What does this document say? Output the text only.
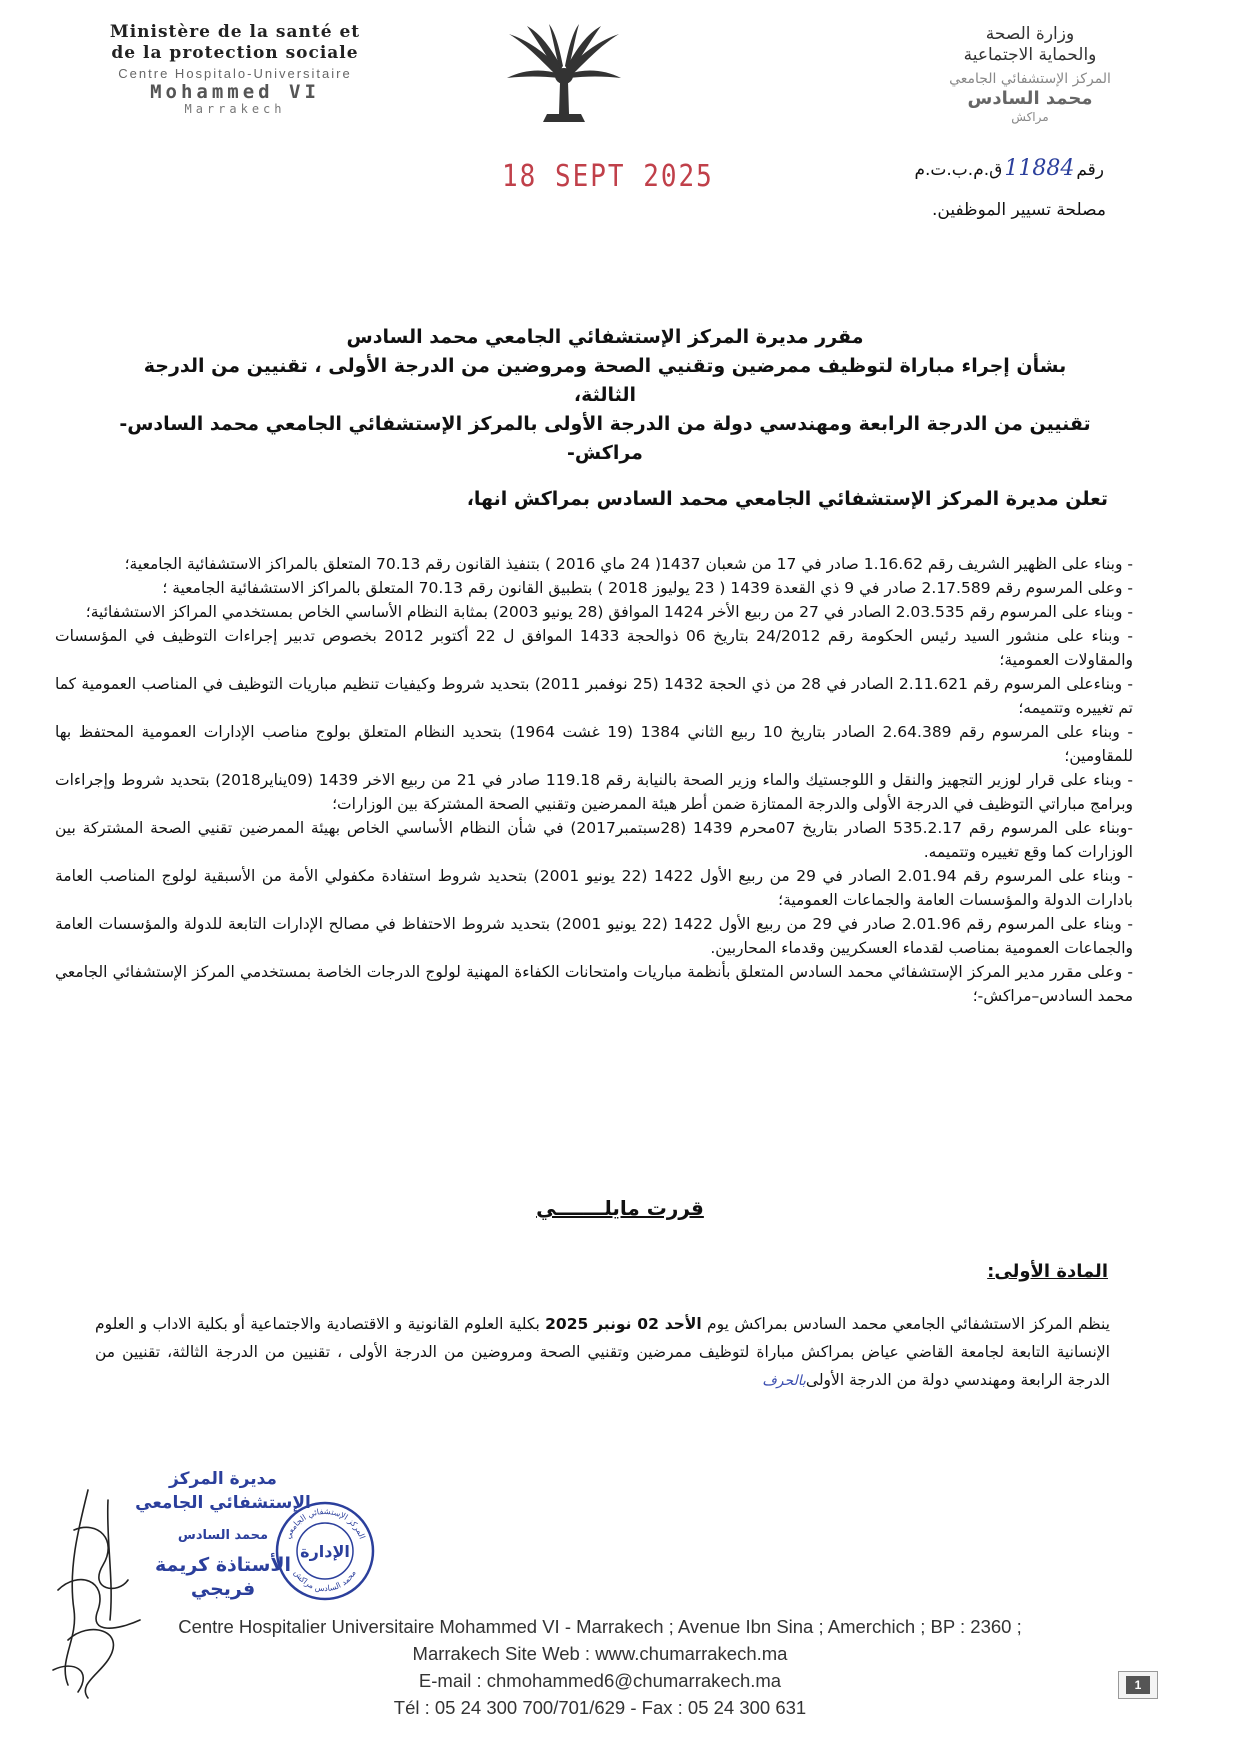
Ministère de la santé et
de la protection sociale
Centre Hospitalo-Universitaire
Mohammed VI
Marrakech
وزارة الصحة
والحماية الاجتماعية
المركز الإستشفائي الجامعي
محمد السادس
مراكش
18 SEPT 2025	رقم11884ق.م.ب.ت.م
مصلحة تسيير الموظفين.
مقرر مديرة المركز الإستشفائي الجامعي محمد السادس
بشأن إجراء مباراة لتوظيف ممرضين وتقنيي الصحة ومروضين من الدرجة الأولى ، تقنيين من الدرجة الثالثة،
تقنيين من الدرجة الرابعة ومهندسي دولة من الدرجة الأولى بالمركز الإستشفائي الجامعي محمد السادس-
مراكش-
تعلن مديرة المركز الإستشفائي الجامعي محمد السادس بمراكش انها،

- وبناء على الظهير الشريف رقم 1.16.62 صادر في 17 من شعبان 1437( 24 ماي 2016 ) بتنفيذ القانون رقم 70.13 المتعلق بالمراكز الاستشفائية الجامعية؛

- وعلى المرسوم رقم 2.17.589 صادر في 9 ذي القعدة 1439 ( 23 يوليوز 2018 ) بتطبيق القانون رقم 70.13 المتعلق بالمراكز الاستشفائية الجامعية ؛

- وبناء على المرسوم رقم 2.03.535 الصادر في 27 من ربيع الأخر 1424 الموافق (28 يونيو 2003) بمثابة النظام الأساسي الخاص بمستخدمي المراكز الاستشفائية؛

- وبناء على منشور السيد رئيس الحكومة رقم 24/2012 بتاريخ 06 ذوالحجة 1433 الموافق ل 22 أكتوبر 2012 بخصوص تدبير إجراءات التوظيف في المؤسسات والمقاولات العمومية؛

- وبناءعلى المرسوم رقم 2.11.621 الصادر في 28 من ذي الحجة 1432 (25 نوفمبر 2011) بتحديد شروط وكيفيات تنظيم مباريات التوظيف في المناصب العمومية كما تم تغييره وتتميمه؛

- وبناء على المرسوم رقم 2.64.389 الصادر بتاريخ 10 ربيع الثاني 1384 (19 غشت 1964) بتحديد النظام المتعلق بولوج مناصب الإدارات العمومية المحتفظ بها للمقاومين؛

- وبناء على قرار لوزير التجهيز والنقل و اللوجستيك والماء وزير الصحة بالنيابة رقم 119.18 صادر في 21 من ربيع الاخر 1439 (09يناير2018) بتحديد شروط وإجراءات وبرامج مباراتي التوظيف في الدرجة الأولى والدرجة الممتازة ضمن أطر هيئة الممرضين وتقنيي الصحة المشتركة بين الوزارات؛

-وبناء على المرسوم رقم 535.2.17 الصادر بتاريخ 07محرم 1439 (28سبتمبر2017) في شأن النظام الأساسي الخاص بهيئة الممرضين تقنيي الصحة المشتركة بين الوزارات كما وقع تغييره وتتميمه.

- وبناء على المرسوم رقم 2.01.94 الصادر في 29 من ربيع الأول 1422 (22 يونيو 2001) بتحديد شروط استفادة مكفولي الأمة من الأسبقية لولوج المناصب العامة بادارات الدولة والمؤسسات العامة والجماعات العمومية؛

- وبناء على المرسوم رقم 2.01.96 صادر في 29 من ربيع الأول 1422 (22 يونيو 2001) بتحديد شروط الاحتفاظ في مصالح الإدارات التابعة للدولة والمؤسسات العامة والجماعات العمومية بمناصب لقدماء العسكريين وقدماء المحاربين.

- وعلى مقرر مدير المركز الإستشفائي محمد السادس المتعلق بأنظمة مباريات وامتحانات الكفاءة المهنية لولوج الدرجات الخاصة بمستخدمي المركز الإستشفائي الجامعي محمد السادس–مراكش-؛

قررت مايلـــــــي
المادة الأولى:

ينظم المركز الاستشفائي الجامعي محمد السادس بمراكش يوم الأحد 02 نونبر 2025 بكلية العلوم القانونية و الاقتصادية والاجتماعية أو بكلية الاداب و العلوم الإنسانية التابعة لجامعة القاضي عياض بمراكش مباراة لتوظيف ممرضين وتقنيي الصحة ومروضين من الدرجة الأولى ، تقنيين من الدرجة الثالثة، تقنيين من الدرجة الرابعة ومهندسي دولة من الدرجة الأولىﺑﺎﻟﺤﺮﻑ

مديرة المركز الإستشفائي الجامعي
محمد السادس
الأستاذة كريمة فريجي
المركز الإستشفائي الجامعي
محمد السادس مراكش
الإدارة
Centre Hospitalier Universitaire Mohammed VI - Marrakech ; Avenue Ibn Sina ; Amerchich ; BP : 2360 ;
Marrakech Site Web : www.chumarrakech.ma
E-mail : chmohammed6@chumarrakech.ma
Tél : 05 24 300 700/701/629 - Fax : 05 24 300 631
1
